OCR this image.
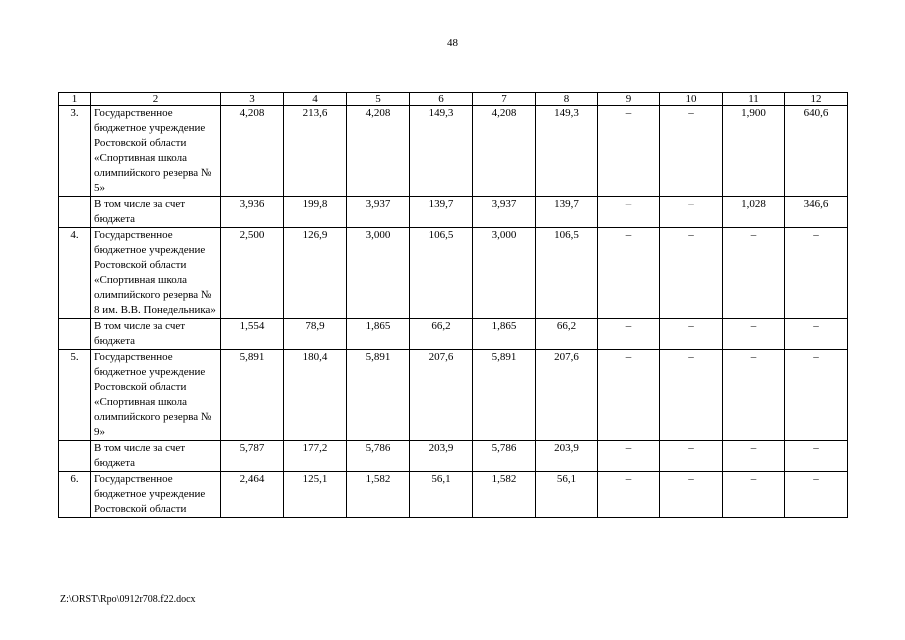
48
1	2	3	4	5	6	7	8	9	10	11	12
3.	Государственное бюджетное учреждение Ростовской области «Спортивная школа олимпийского резерва № 5»	4,208	213,6	4,208	149,3	4,208	149,3	–	–	1,900	640,6
	В том числе за счет бюджета	3,936	199,8	3,937	139,7	3,937	139,7	–	–	1,028	346,6
4.	Государственное бюджетное учреждение Ростовской области «Спортивная школа олимпийского резерва № 8 им. В.В. Понедельника»	2,500	126,9	3,000	106,5	3,000	106,5	–	–	–	–
	В том числе за счет бюджета	1,554	78,9	1,865	66,2	1,865	66,2	–	–	–	–
5.	Государственное бюджетное учреждение Ростовской области «Спортивная школа олимпийского резерва № 9»	5,891	180,4	5,891	207,6	5,891	207,6	–	–	–	–
	В том числе за счет бюджета	5,787	177,2	5,786	203,9	5,786	203,9	–	–	–	–
6.	Государственное бюджетное учреждение Ростовской области	2,464	125,1	1,582	56,1	1,582	56,1	–	–	–	–
Z:\ORST\Rpo\0912r708.f22.docx
